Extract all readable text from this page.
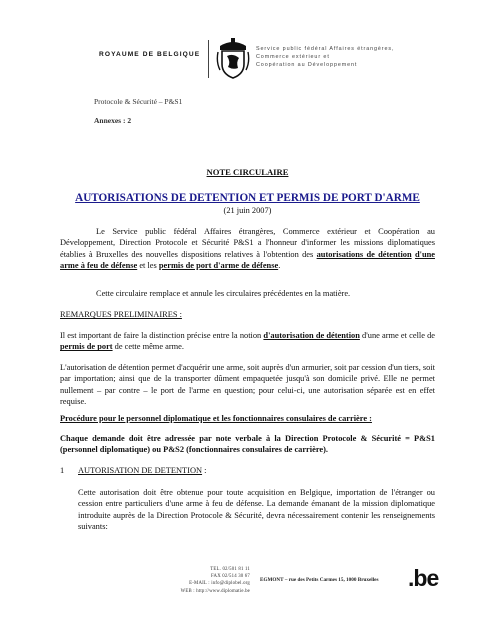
ROYAUME DE BELGIQUE
Service public fédéral Affaires étrangères,
Commerce extérieur et
Coopération au Développement
Protocole & Sécurité – P&S1
Annexes : 2
NOTE CIRCULAIRE
AUTORISATIONS DE DETENTION ET PERMIS DE PORT D'ARME
(21 juin 2007)
Le Service public fédéral Affaires étrangères, Commerce extérieur et Coopération au Développement, Direction Protocole et Sécurité P&S1 a l'honneur d'informer les missions diplomatiques établies à Bruxelles des nouvelles dispositions relatives à l'obtention des autorisations de détention d'une arme à feu de défense et les permis de port d'arme de défense.
Cette circulaire remplace et annule les circulaires précédentes en la matière.
REMARQUES PRELIMINAIRES :
Il est important de faire la distinction précise entre la notion d'autorisation de détention d'une arme et celle de permis de port de cette même arme.
L'autorisation de détention permet d'acquérir une arme, soit auprès d'un armurier, soit par cession d'un tiers, soit par importation; ainsi que de la transporter dûment empaquetée jusqu'à son domicile privé. Elle ne permet nullement – par contre – le port de l'arme en question; pour celui-ci, une autorisation séparée est en effet requise.
Procédure pour le personnel diplomatique et les fonctionnaires consulaires de carrière :
Chaque demande doit être adressée par note verbale à la Direction Protocole & Sécurité = P&S1 (personnel diplomatique) ou P&S2 (fonctionnaires consulaires de carrière).
1 AUTORISATION DE DETENTION :
Cette autorisation doit être obtenue pour toute acquisition en Belgique, importation de l'étranger ou cession entre particuliers d'une arme à feu de défense. La demande émanant de la mission diplomatique introduite auprès de la Direction Protocole & Sécurité, devra nécessairement contenir les renseignements suivants:
TEL. 02/501 81 11
FAX 02/514 30 67
E-MAIL : info@diplobel.org
WEB : http://www.diplomatie.be
EGMONT – rue des Petits Carmes 15, 1000 Bruxelles .be
